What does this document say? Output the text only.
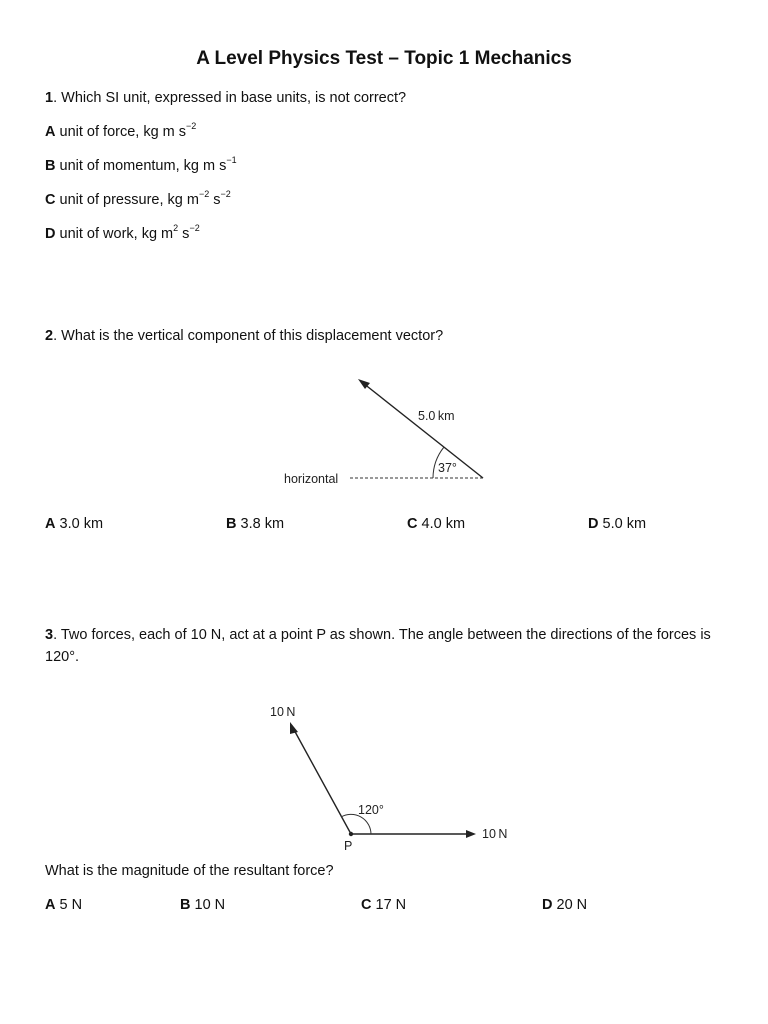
A Level Physics Test – Topic 1 Mechanics
1. Which SI unit, expressed in base units, is not correct?
A unit of force, kg m $s^{-2}$
B unit of momentum, kg m $s^{-1}$
C unit of pressure, kg $m^{-2}$ $s^{-2}$
D unit of work, kg $m^2$ $s^{-2}$
2. What is the vertical component of this displacement vector?
5.0 km
37°
horizontal
A 3.0 km	B 3.8 km	C 4.0 km	D 5.0 km
3. Two forces, each of 10 N, act at a point P as shown. The angle between the directions of the forces is 120°.
10 N
10 N
120°
P
What is the magnitude of the resultant force?
A 5 N	B 10 N	C 17 N	D 20 N
